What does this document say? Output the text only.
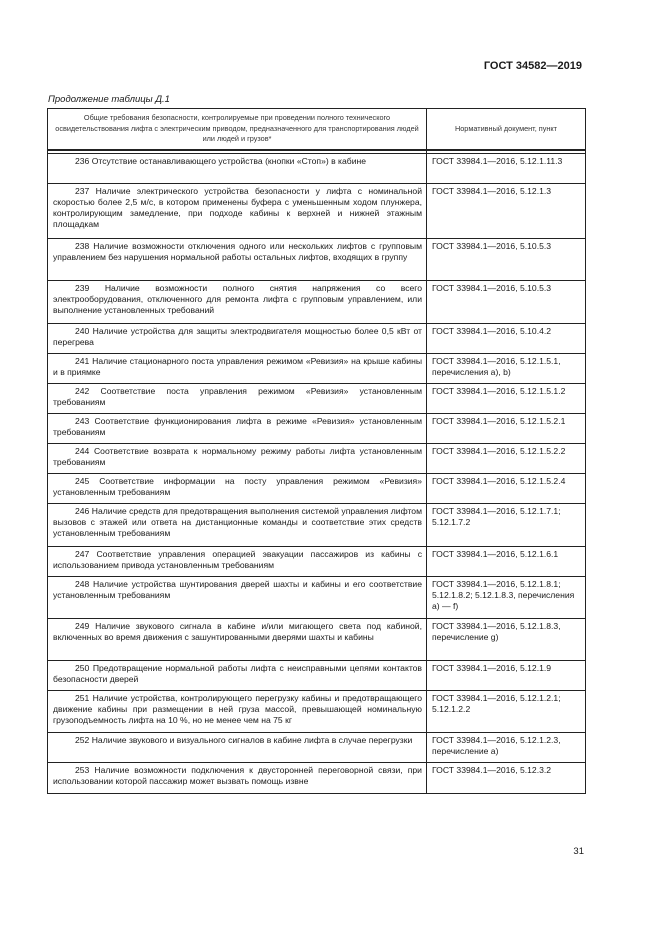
ГОСТ 34582—2019
Продолжение таблицы Д.1
Общие требования безопасности, контролируемые при проведении полного технического освидетельствования лифта с электрическим приводом, предназначенного для транспортирования людей или людей и грузов*	Нормативный документ, пункт

236 Отсутствие останавливающего устройства (кнопки «Стоп») в кабине	ГОСТ 33984.1—2016, 5.12.1.11.3
237 Наличие электрического устройства безопасности у лифта с номинальной скоростью более 2,5 м/с, в котором применены буфера с уменьшенным ходом плунжера, контролирующим замедление, при подходе кабины к верхней и нижней этажным площадкам	ГОСТ 33984.1—2016, 5.12.1.3
238 Наличие возможности отключения одного или нескольких лифтов с групповым управлением без нарушения нормальной работы остальных лифтов, входящих в группу	ГОСТ 33984.1—2016, 5.10.5.3
239 Наличие возможности полного снятия напряжения со всего электрооборудования, отключенного для ремонта лифта с групповым управлением, или выполнение установленных требований	ГОСТ 33984.1—2016, 5.10.5.3
240 Наличие устройства для защиты электродвигателя мощностью более 0,5 кВт от перегрева	ГОСТ 33984.1—2016, 5.10.4.2
241 Наличие стационарного поста управления режимом «Ревизия» на крыше кабины и в приямке	ГОСТ 33984.1—2016, 5.12.1.5.1, перечисления a), b)
242 Соответствие поста управления режимом «Ревизия» установленным требованиям	ГОСТ 33984.1—2016, 5.12.1.5.1.2
243 Соответствие функционирования лифта в режиме «Ревизия» установленным требованиям	ГОСТ 33984.1—2016, 5.12.1.5.2.1
244 Соответствие возврата к нормальному режиму работы лифта установленным требованиям	ГОСТ 33984.1—2016, 5.12.1.5.2.2
245 Соответствие информации на посту управления режимом «Ревизия» установленным требованиям	ГОСТ 33984.1—2016, 5.12.1.5.2.4
246 Наличие средств для предотвращения выполнения системой управления лифтом вызовов с этажей или ответа на дистанционные команды и соответствие этих средств установленным требованиям	ГОСТ 33984.1—2016, 5.12.1.7.1; 5.12.1.7.2
247 Соответствие управления операцией эвакуации пассажиров из кабины с использованием привода установленным требованиям	ГОСТ 33984.1—2016, 5.12.1.6.1
248 Наличие устройства шунтирования дверей шахты и кабины и его соответствие установленным требованиям	ГОСТ 33984.1—2016, 5.12.1.8.1; 5.12.1.8.2; 5.12.1.8.3, перечисления a) — f)
249 Наличие звукового сигнала в кабине и/или мигающего света под кабиной, включенных во время движения с зашунтированными дверями шахты и кабины	ГОСТ 33984.1—2016, 5.12.1.8.3, перечисление g)
250 Предотвращение нормальной работы лифта с неисправными цепями контактов безопасности дверей	ГОСТ 33984.1—2016, 5.12.1.9
251 Наличие устройства, контролирующего перегрузку кабины и предотвращающего движение кабины при размещении в ней груза массой, превышающей номинальную грузоподъемность лифта на 10 %, но не менее чем на 75 кг	ГОСТ 33984.1—2016, 5.12.1.2.1; 5.12.1.2.2
252 Наличие звукового и визуального сигналов в кабине лифта в случае перегрузки	ГОСТ 33984.1—2016, 5.12.1.2.3, перечисление a)
253 Наличие возможности подключения к двусторонней переговорной связи, при использовании которой пассажир может вызвать помощь извне	ГОСТ 33984.1—2016, 5.12.3.2
31
